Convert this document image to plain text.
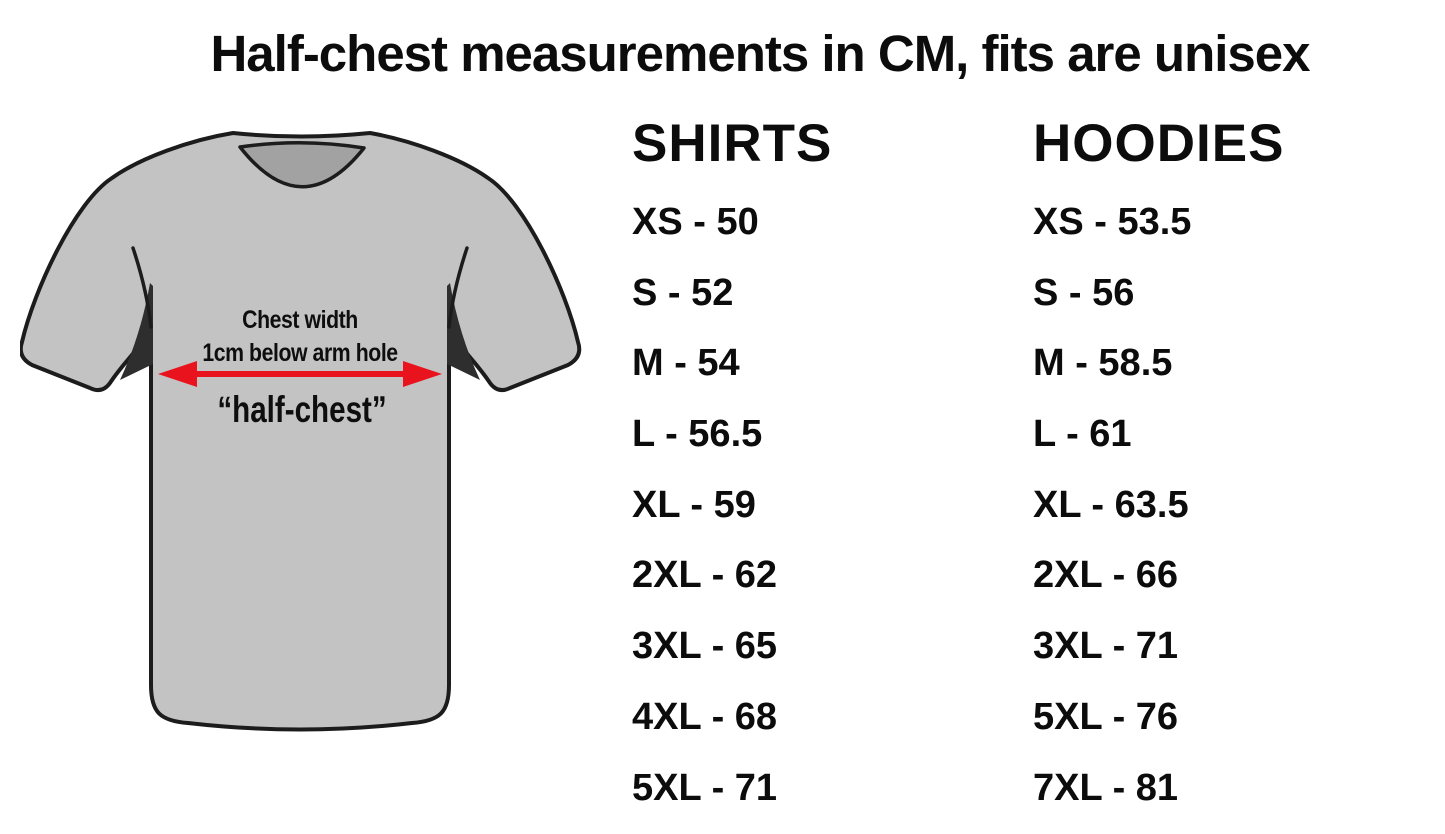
Half-chest measurements in CM, fits are unisex
Chest width
1cm below arm hole
“half-chest”
SHIRTS
XS - 50
S - 52
M - 54
L - 56.5
XL - 59
2XL - 62
3XL - 65
4XL - 68
5XL - 71
HOODIES
XS - 53.5
S - 56
M - 58.5
L - 61
XL - 63.5
2XL - 66
3XL - 71
5XL - 76
7XL - 81
